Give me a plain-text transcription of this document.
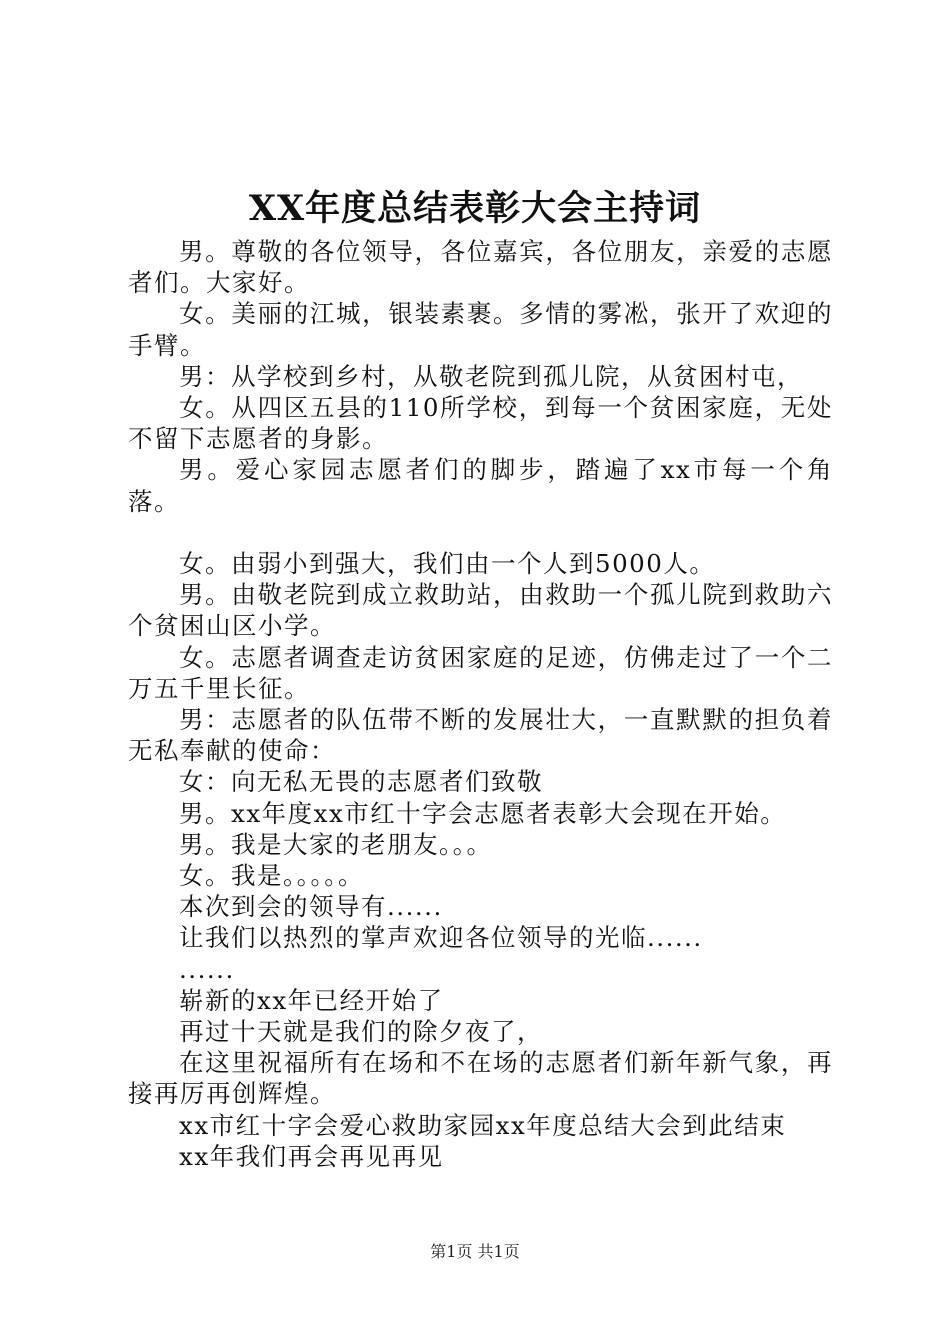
XX年度总结表彰大会主持词

男。尊敬的各位领导，各位嘉宾，各位朋友，亲爱的志愿者们。大家好。

女。美丽的江城，银装素裹。多情的雾凇，张开了欢迎的手臂。

男：从学校到乡村，从敬老院到孤儿院，从贫困村屯，

女。从四区五县的110所学校，到每一个贫困家庭，无处不留下志愿者的身影。

男。爱心家园志愿者们的脚步，踏遍了xx市每一个角落。

女。由弱小到强大，我们由一个人到5000人。

男。由敬老院到成立救助站，由救助一个孤儿院到救助六个贫困山区小学。

女。志愿者调查走访贫困家庭的足迹，仿佛走过了一个二万五千里长征。

男：志愿者的队伍带不断的发展壮大，一直默默的担负着无私奉献的使命：

女：向无私无畏的志愿者们致敬

男。xx年度xx市红十字会志愿者表彰大会现在开始。

男。我是大家的老朋友。。。

女。我是。。。。。

本次到会的领导有......

让我们以热烈的掌声欢迎各位领导的光临......

......

崭新的xx年已经开始了

再过十天就是我们的除夕夜了，

在这里祝福所有在场和不在场的志愿者们新年新气象，再接再厉再创辉煌。

xx市红十字会爱心救助家园xx年度总结大会到此结束

xx年我们再会再见再见

第1页 共1页
